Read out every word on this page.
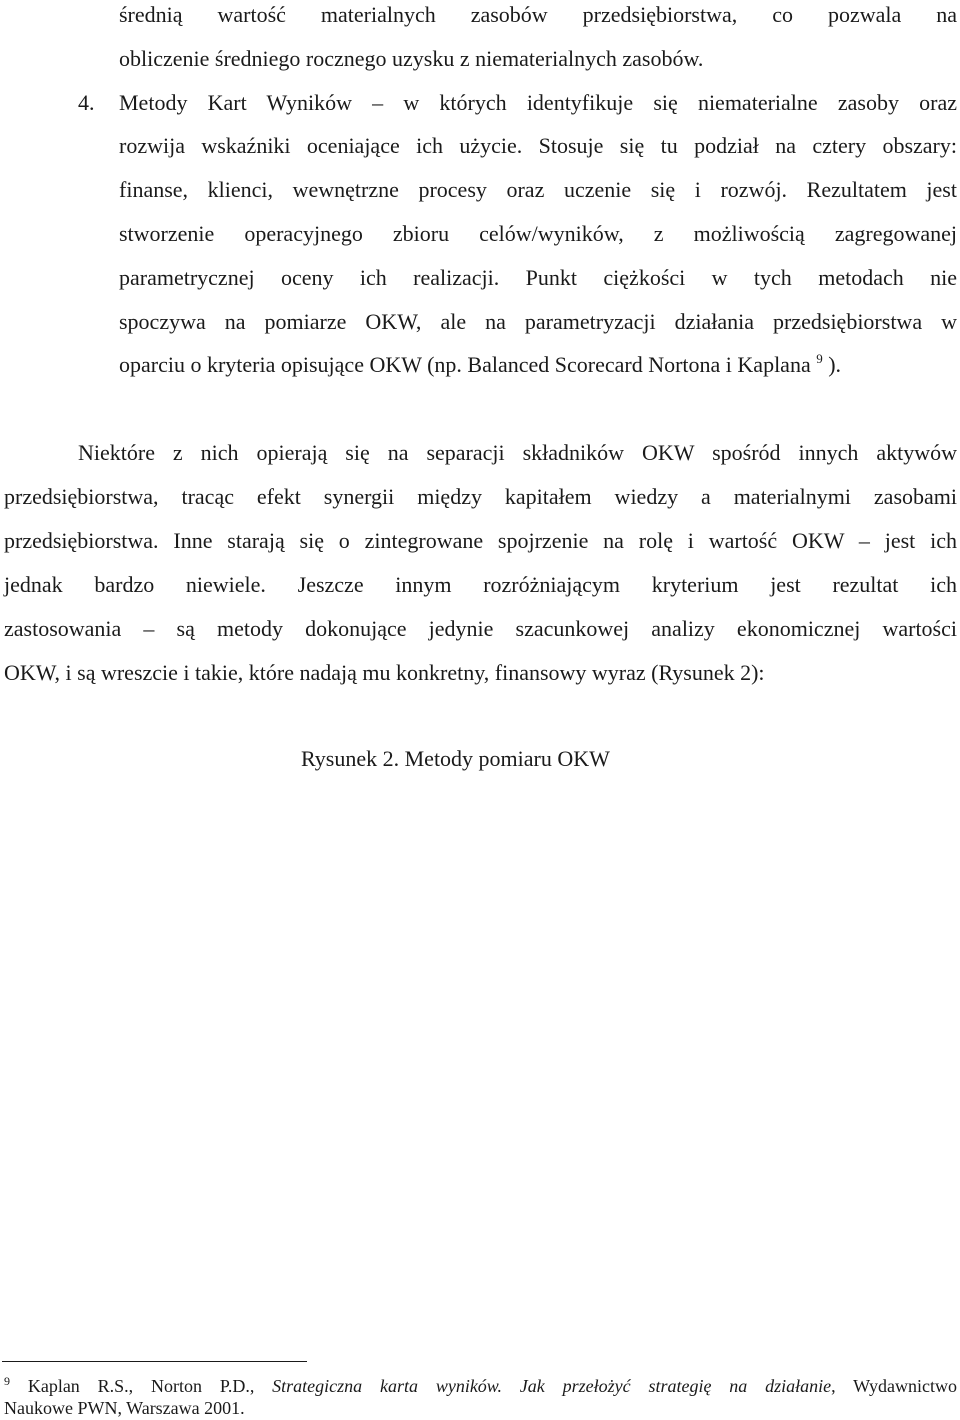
średnią wartość materialnych zasobów przedsiębiorstwa, co pozwala na
obliczenie średniego rocznego uzysku z niematerialnych zasobów.
4. Metody Kart Wyników – w których identyfikuje się niematerialne zasoby oraz
rozwija wskaźniki oceniające ich użycie. Stosuje się tu podział na cztery obszary:
finanse, klienci, wewnętrzne procesy oraz uczenie się i rozwój. Rezultatem jest
stworzenie operacyjnego zbioru celów/wyników, z możliwością zagregowanej
parametrycznej oceny ich realizacji. Punkt ciężkości w tych metodach nie
spoczywa na pomiarze OKW, ale na parametryzacji działania przedsiębiorstwa w
oparciu o kryteria opisujące OKW (np. Balanced Scorecard Nortona i Kaplana $^9$ ).
Niektóre z nich opierają się na separacji składników OKW spośród innych aktywów
przedsiębiorstwa, tracąc efekt synergii między kapitałem wiedzy a materialnymi zasobami
przedsiębiorstwa. Inne starają się o zintegrowane spojrzenie na rolę i wartość OKW – jest ich
jednak bardzo niewiele. Jeszcze innym rozróżniającym kryterium jest rezultat ich
zastosowania – są metody dokonujące jedynie szacunkowej analizy ekonomicznej wartości
OKW, i są wreszcie i takie, które nadają mu konkretny, finansowy wyraz (Rysunek 2):
Rysunek 2. Metody pomiaru OKW
$^9$ Kaplan R.S., Norton P.D., Strategiczna karta wyników. Jak przełożyć strategię na działanie, Wydawnictwo
Naukowe PWN, Warszawa 2001.
